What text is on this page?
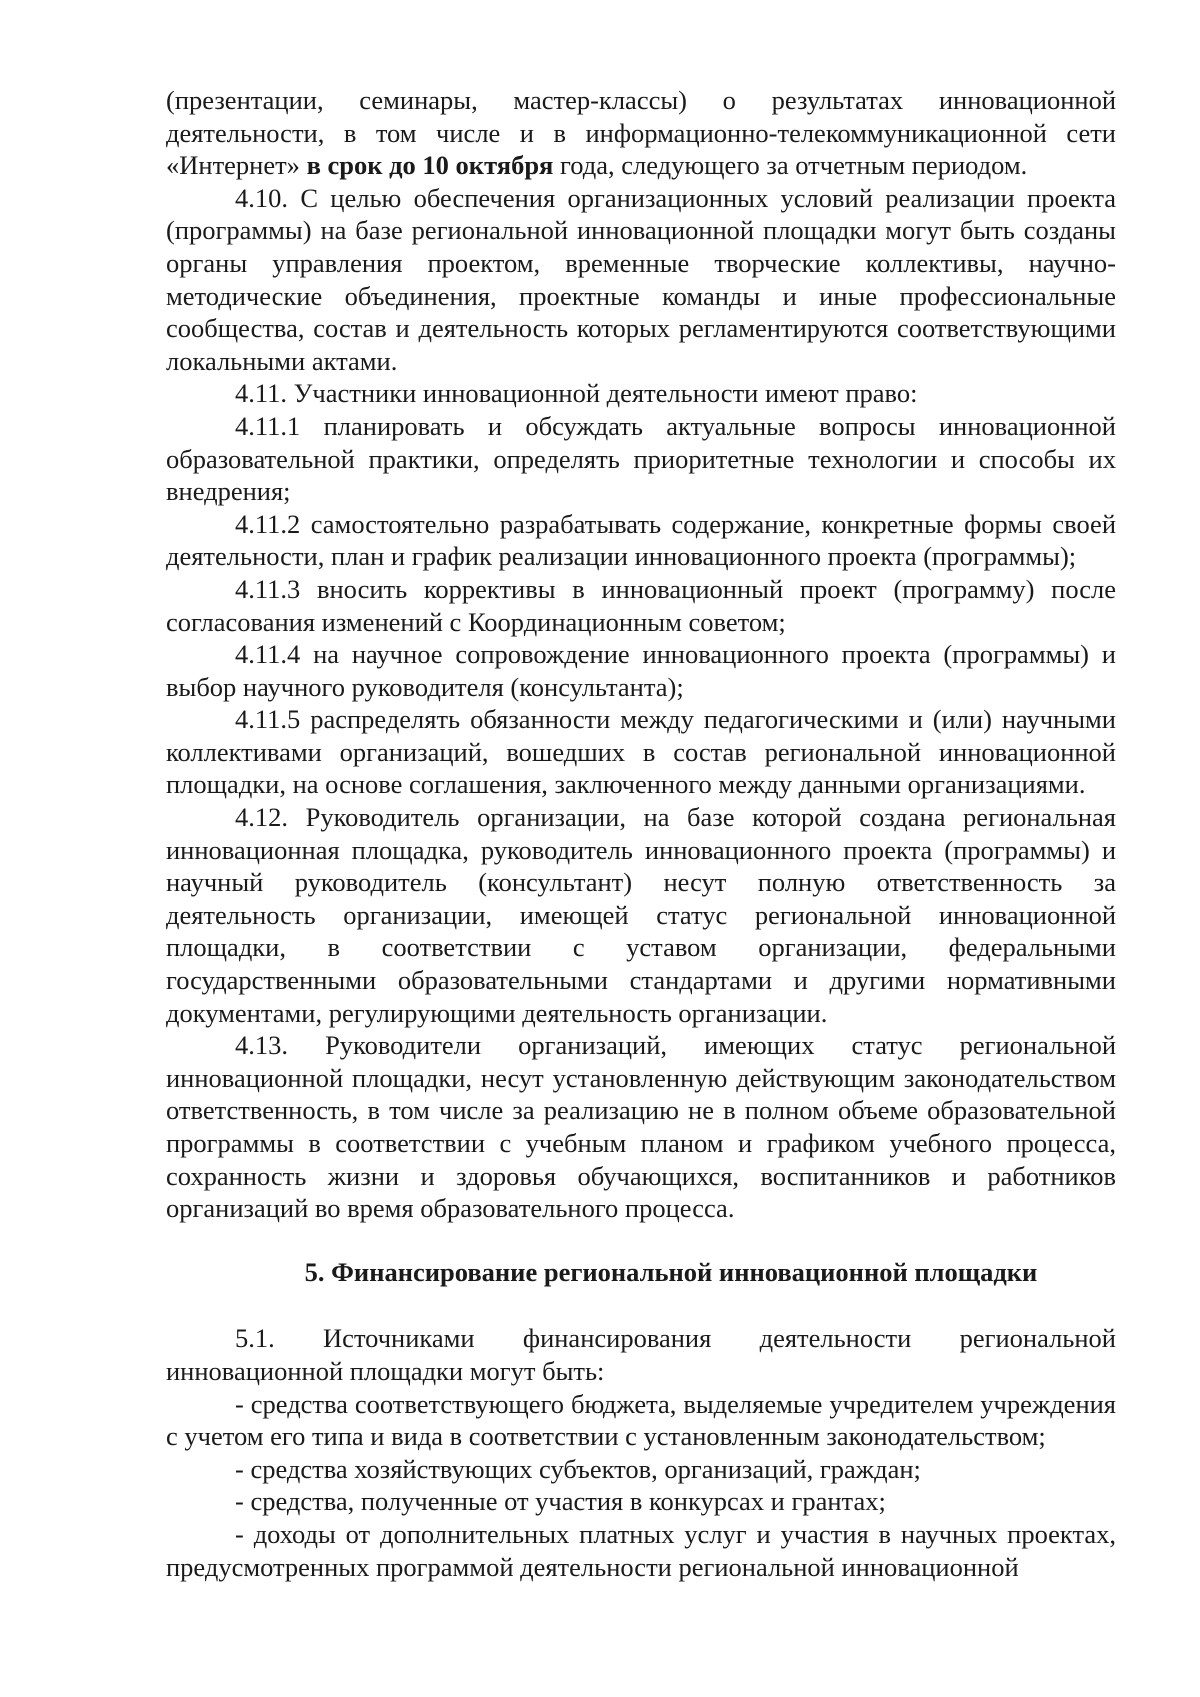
(презентации, семинары, мастер-классы) о результатах инновационной деятельности, в том числе и в информационно-телекоммуникационной сети «Интернет» в срок до 10 октября года, следующего за отчетным периодом.

4.10. С целью обеспечения организационных условий реализации проекта (программы) на базе региональной инновационной площадки могут быть созданы органы управления проектом, временные творческие коллективы, научно-методические объединения, проектные команды и иные профессиональные сообщества, состав и деятельность которых регламентируются соответствующими локальными актами.

4.11. Участники инновационной деятельности имеют право:

4.11.1 планировать и обсуждать актуальные вопросы инновационной образовательной практики, определять приоритетные технологии и способы их внедрения;

4.11.2 самостоятельно разрабатывать содержание, конкретные формы своей деятельности, план и график реализации инновационного проекта (программы);

4.11.3 вносить коррективы в инновационный проект (программу) после согласования изменений с Координационным советом;

4.11.4 на научное сопровождение инновационного проекта (программы) и выбор научного руководителя (консультанта);

4.11.5 распределять обязанности между педагогическими и (или) научными коллективами организаций, вошедших в состав региональной инновационной площадки, на основе соглашения, заключенного между данными организациями.

4.12. Руководитель организации, на базе которой создана региональная инновационная площадка, руководитель инновационного проекта (программы) и научный руководитель (консультант) несут полную ответственность за деятельность организации, имеющей статус региональной инновационной площадки, в соответствии с уставом организации, федеральными государственными образовательными стандартами и другими нормативными документами, регулирующими деятельность организации.

4.13. Руководители организаций, имеющих статус региональной инновационной площадки, несут установленную действующим законодательством ответственность, в том числе за реализацию не в полном объеме образовательной программы в соответствии с учебным планом и графиком учебного процесса, сохранность жизни и здоровья обучающихся, воспитанников и работников организаций во время образовательного процесса.

5. Финансирование региональной инновационной площадки

5.1. Источниками финансирования деятельности региональной инновационной площадки могут быть:

- средства соответствующего бюджета, выделяемые учредителем учреждения с учетом его типа и вида в соответствии с установленным законодательством;

- средства хозяйствующих субъектов, организаций, граждан;

- средства, полученные от участия в конкурсах и грантах;

- доходы от дополнительных платных услуг и участия в научных проектах, предусмотренных программой деятельности региональной инновационной
